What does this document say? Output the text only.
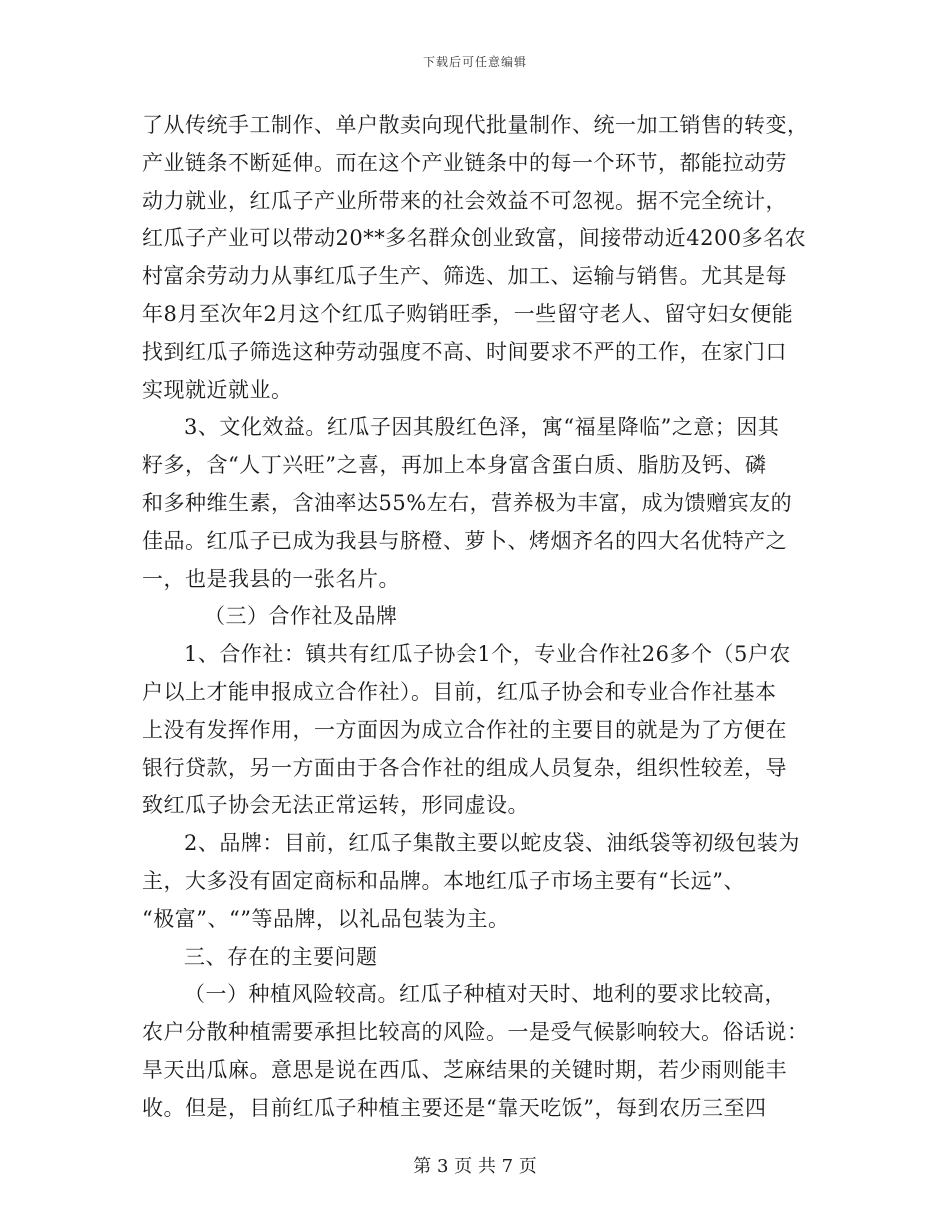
下载后可任意编辑
了从传统手工制作、单户散卖向现代批量制作、统一加工销售的转变，
产业链条不断延伸。而在这个产业链条中的每一个环节，都能拉动劳
动力就业，红瓜子产业所带来的社会效益不可忽视。据不完全统计，
红瓜子产业可以带动20**多名群众创业致富，间接带动近4200多名农
村富余劳动力从事红瓜子生产、筛选、加工、运输与销售。尤其是每
年8月至次年2月这个红瓜子购销旺季，一些留守老人、留守妇女便能
找到红瓜子筛选这种劳动强度不高、时间要求不严的工作，在家门口
实现就近就业。
3、文化效益。红瓜子因其殷红色泽，寓“福星降临”之意；因其
籽多，含“人丁兴旺”之喜，再加上本身富含蛋白质、脂肪及钙、磷
和多种维生素，含油率达55%左右，营养极为丰富，成为馈赠宾友的
佳品。红瓜子已成为我县与脐橙、萝卜、烤烟齐名的四大名优特产之
一，也是我县的一张名片。
（三）合作社及品牌
1、合作社：镇共有红瓜子协会1个，专业合作社26多个（5户农
户以上才能申报成立合作社）。目前，红瓜子协会和专业合作社基本
上没有发挥作用，一方面因为成立合作社的主要目的就是为了方便在
银行贷款，另一方面由于各合作社的组成人员复杂，组织性较差，导
致红瓜子协会无法正常运转，形同虚设。
2、品牌：目前，红瓜子集散主要以蛇皮袋、油纸袋等初级包装为
主，大多没有固定商标和品牌。本地红瓜子市场主要有“长远”、
“极富”、“”等品牌，以礼品包装为主。
三、存在的主要问题
（一）种植风险较高。红瓜子种植对天时、地利的要求比较高，
农户分散种植需要承担比较高的风险。一是受气候影响较大。俗话说：
旱天出瓜麻。意思是说在西瓜、芝麻结果的关键时期，若少雨则能丰
收。但是，目前红瓜子种植主要还是“靠天吃饭”，每到农历三至四
第 3 页 共 7 页
